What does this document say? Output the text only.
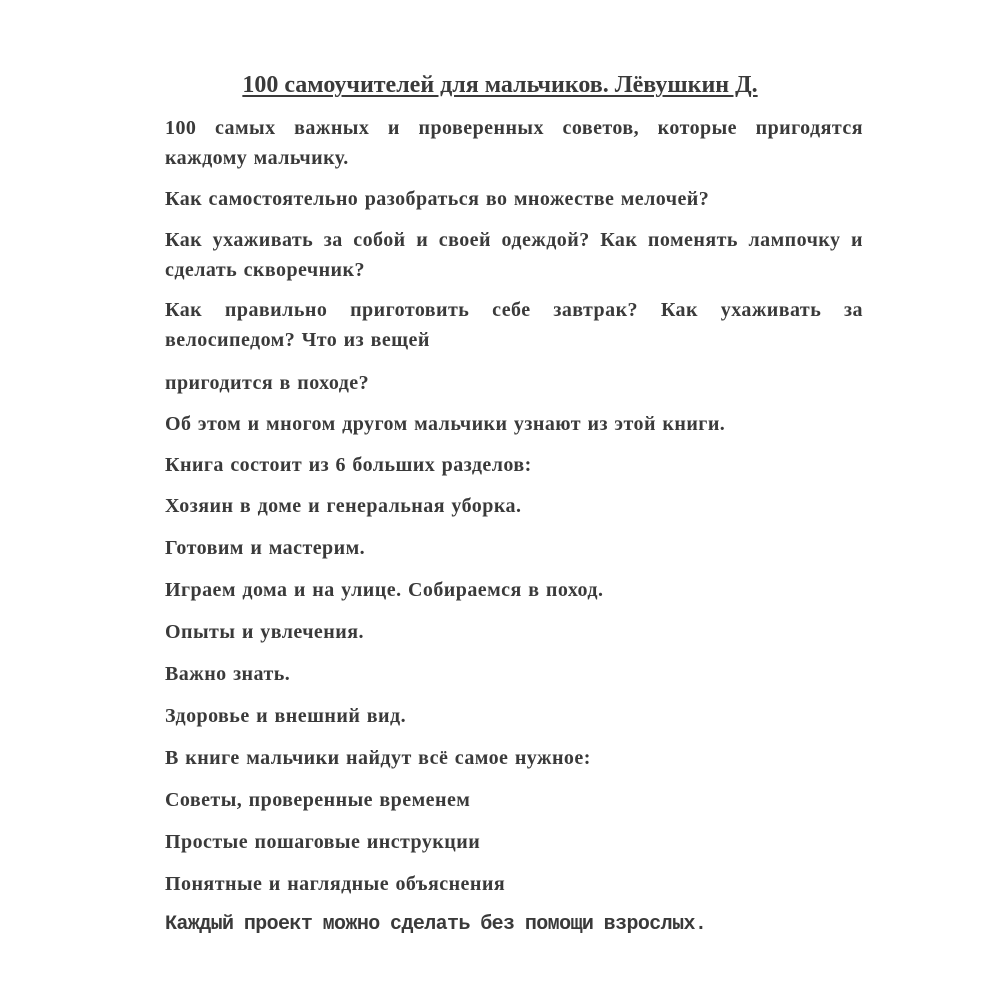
100 самоучителей для мальчиков. Лёвушкин Д.

100 самых важных и проверенных советов, которые пригодятся каждому мальчику.

Как самостоятельно разобраться во множестве мелочей?

Как ухаживать за собой и своей одеждой? Как поменять лампочку и сделать скворечник?

Как правильно приготовить себе завтрак? Как ухаживать за велосипедом? Что из вещей

пригодится в походе?

Об этом и многом другом мальчики узнают из этой книги.

Книга состоит из 6 больших разделов:

Хозяин в доме и генеральная уборка.

Готовим и мастерим.

Играем дома и на улице. Собираемся в поход.

Опыты и увлечения.

Важно знать.

Здоровье и внешний вид.

В книге мальчики найдут всё самое нужное:

Советы, проверенные временем

Простые пошаговые инструкции

Понятные и наглядные объяснения

Каждый проект можно сделать без помощи взрослых.
